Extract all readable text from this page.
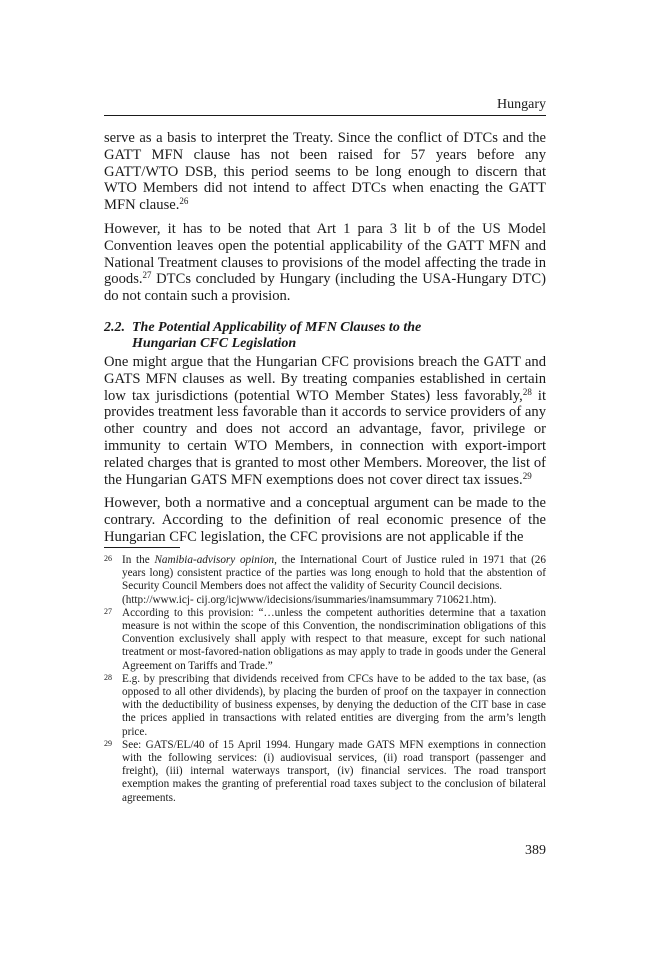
Hungary

serve as a basis to interpret the Treaty. Since the conflict of DTCs and the GATT MFN clause has not been raised for 57 years before any GATT/WTO DSB, this period seems to be long enough to discern that WTO Members did not intend to affect DTCs when enacting the GATT MFN clause.$^{26}$

However, it has to be noted that Art 1 para 3 lit b of the US Model Convention leaves open the potential applicability of the GATT MFN and National Treatment clauses to provisions of the model affecting the trade in goods.$^{27}$ DTCs concluded by Hungary (including the USA-Hungary DTC) do not contain such a provision.

2.2. The Potential Applicability of MFN Clauses to the
Hungarian CFC Legislation

One might argue that the Hungarian CFC provisions breach the GATT and GATS MFN clauses as well. By treating companies established in certain low tax jurisdictions (potential WTO Member States) less favorably,$^{28}$ it provides treatment less favorable than it accords to service providers of any other country and does not accord an advantage, favor, privilege or immunity to certain WTO Members, in connection with export-import related charges that is granted to most other Members. Moreover, the list of the Hungarian GATS MFN exemptions does not cover direct tax issues.$^{29}$

However, both a normative and a conceptual argument can be made to the contrary. According to the definition of real economic presence of the Hungarian CFC legislation, the CFC provisions are not applicable if the

26 In the Namibia-advisory opinion, the International Court of Justice ruled in 1971 that (26 years long) consistent practice of the parties was long enough to hold that the abstention of Security Council Members does not affect the validity of Security Council decisions.
(http://www.icj- cij.org/icjwww/idecisions/isummaries/inamsummary 710621.htm).
27 According to this provision: “…unless the competent authorities determine that a taxation measure is not within the scope of this Convention, the nondiscrimination obligations of this Convention exclusively shall apply with respect to that measure, except for such national treatment or most-favored-nation obligations as may apply to trade in goods under the General Agreement on Tariffs and Trade.”
28 E.g. by prescribing that dividends received from CFCs have to be added to the tax base, (as opposed to all other dividends), by placing the burden of proof on the taxpayer in connection with the deductibility of business expenses, by denying the deduction of the CIT base in case the prices applied in transactions with related entities are diverging from the arm’s length price.
29 See: GATS/EL/40 of 15 April 1994. Hungary made GATS MFN exemptions in connection with the following services: (i) audiovisual services, (ii) road transport (passenger and freight), (iii) internal waterways transport, (iv) financial services. The road transport exemption makes the granting of preferential road taxes subject to the conclusion of bilateral agreements.
389
